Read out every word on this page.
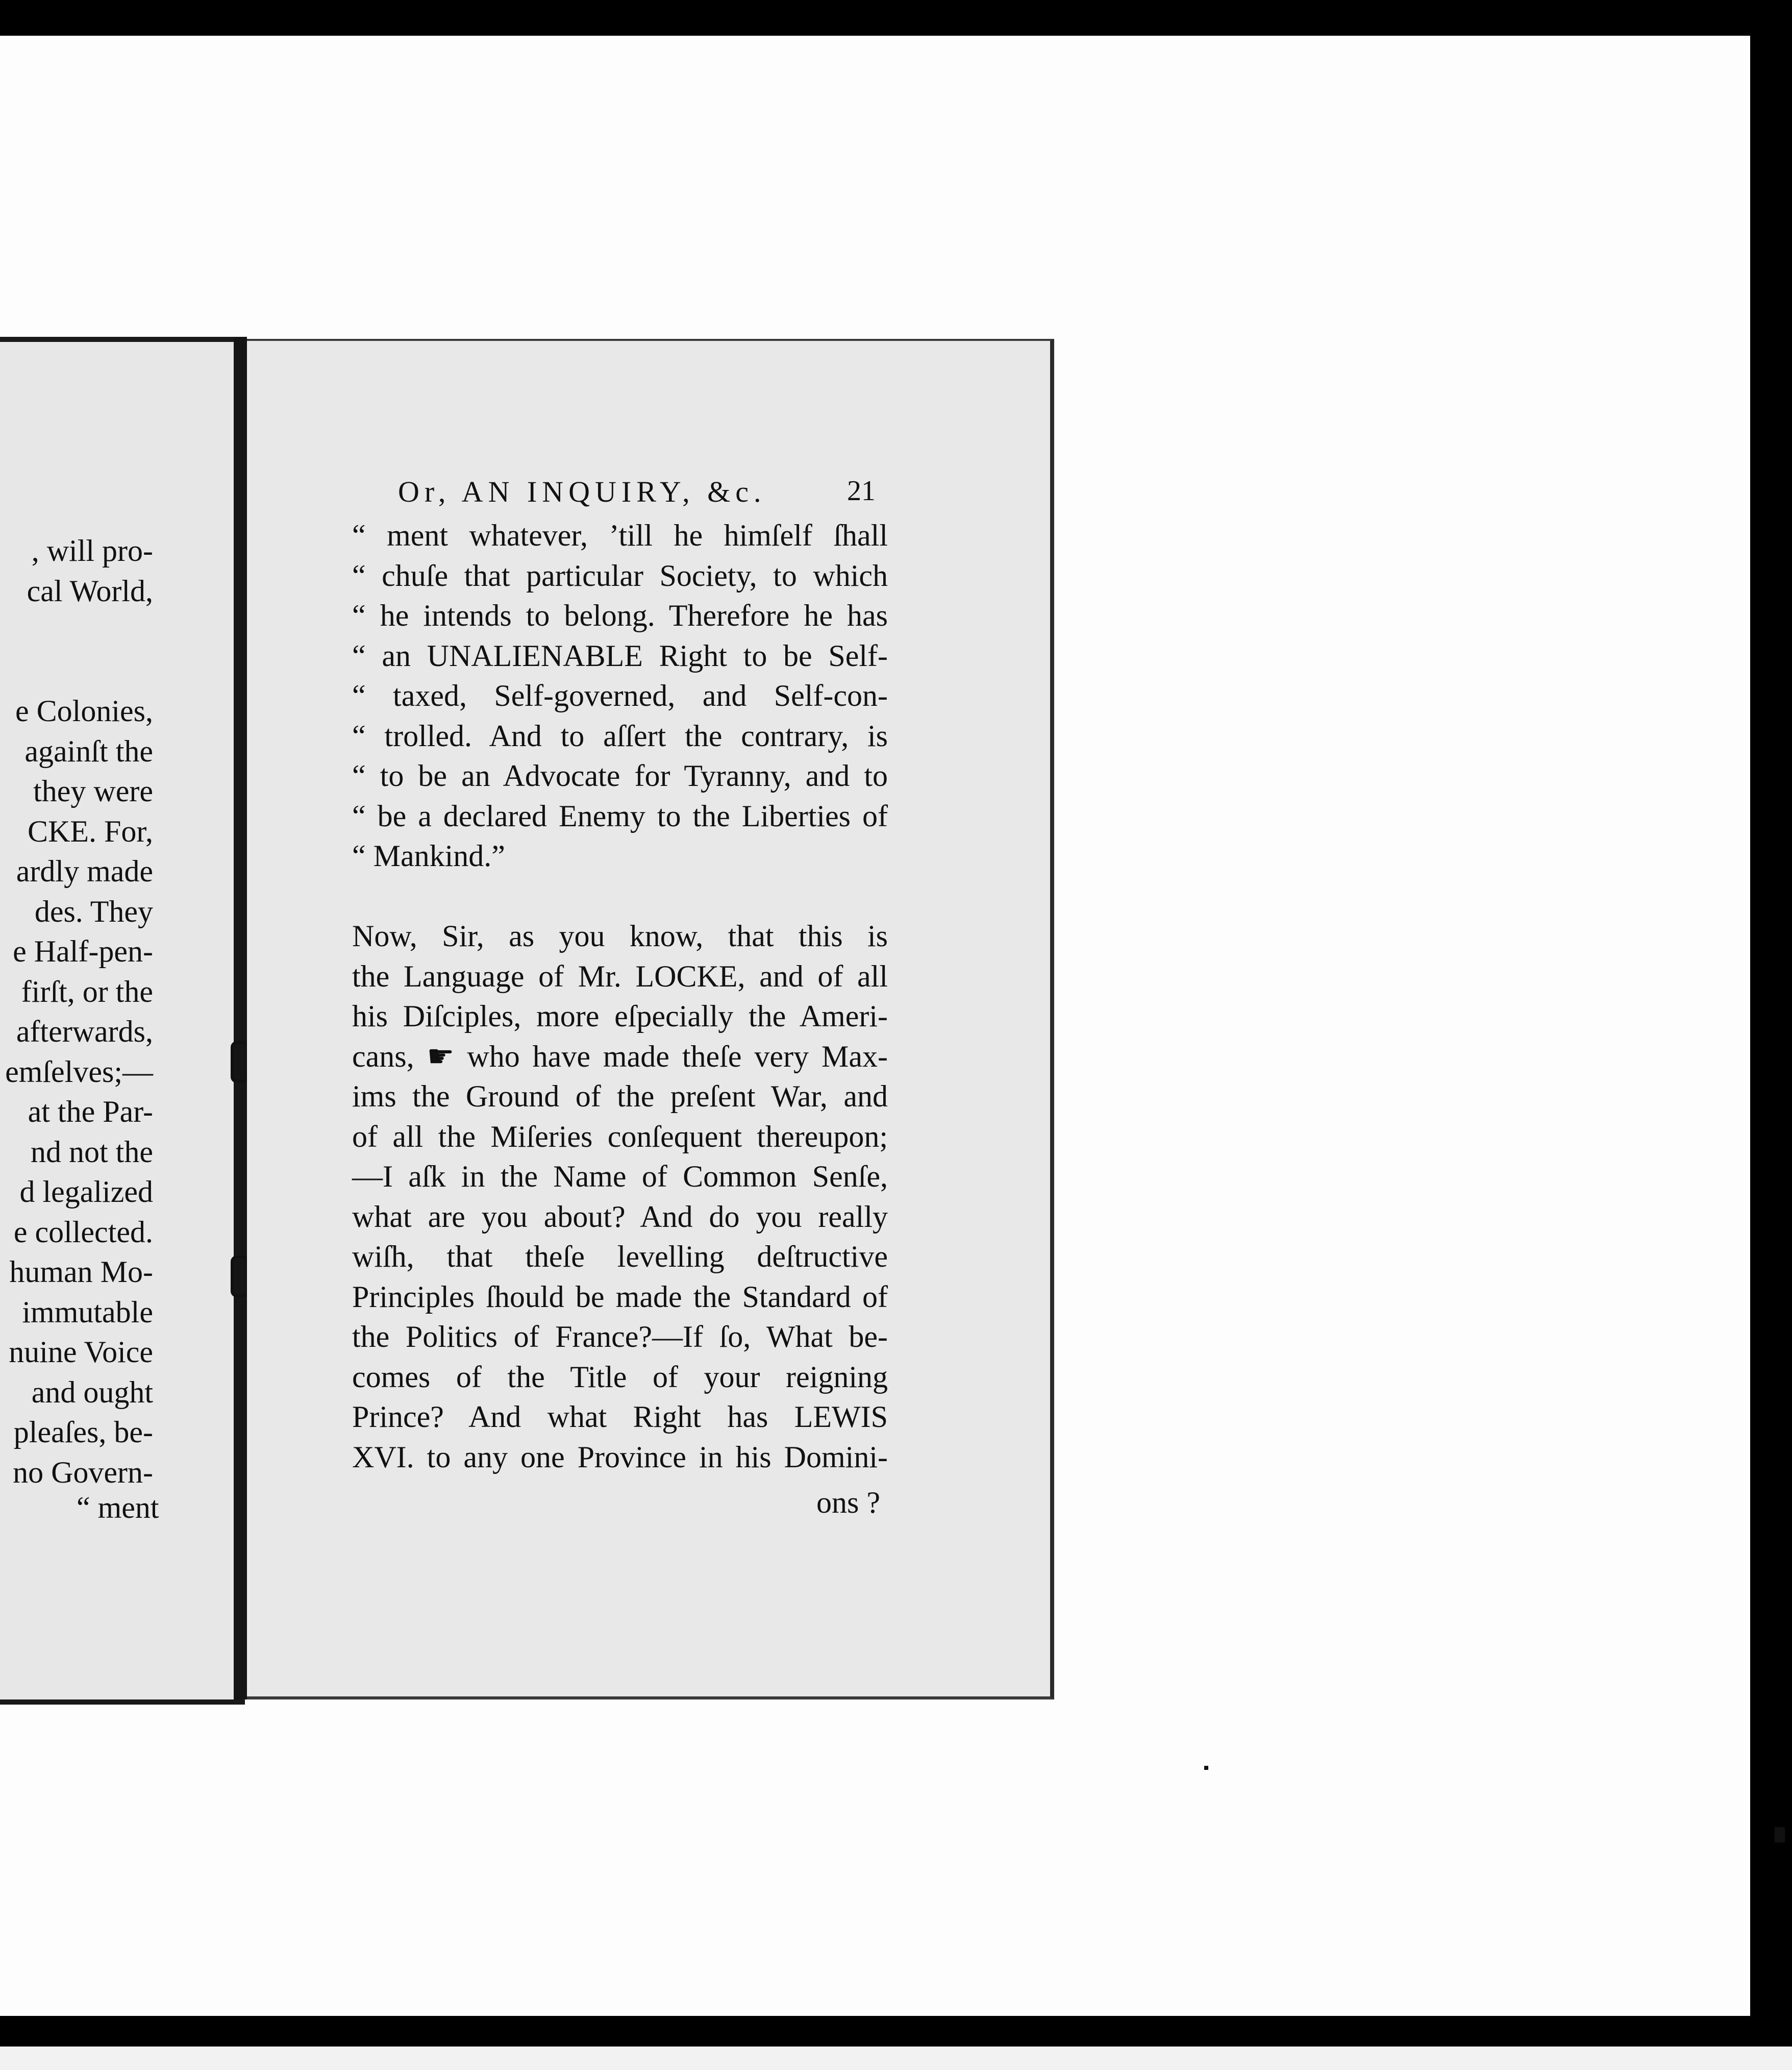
, will pro-
cal World,
e Colonies,
againſt the
they were
CKE. For,
ardly made
des. They
e Half-pen-
firſt, or the
afterwards,
emſelves;—
at the Par-
nd not the
d legalized
e collected.
human Mo-
immutable
nuine Voice
and ought
pleaſes, be-
no Govern-
“ ment
Or, AN INQUIRY, &c.	21
“ ment whatever, ’till he himſelf ſhall
“ chuſe that particular Society, to which
“ he intends to belong. Therefore he has
“ an UNALIENABLE Right to be Self-
“ taxed, Self-governed, and Self-con-
“ trolled. And to aſſert the contrary, is
“ to be an Advocate for Tyranny, and to
“ be a declared Enemy to the Liberties of
“ Mankind.”
Now, Sir, as you know, that this is
the Language of Mr. LOCKE, and of all
his Diſciples, more eſpecially the Ameri-
cans, ☛ who have made theſe very Max-
ims the Ground of the preſent War, and
of all the Miſeries conſequent thereupon;
—I aſk in the Name of Common Senſe,
what are you about? And do you really
wiſh, that theſe levelling deſtructive
Principles ſhould be made the Standard of
the Politics of France?—If ſo, What be-
comes of the Title of your reigning
Prince? And what Right has LEWIS
XVI. to any one Province in his Domini-
ons ?
